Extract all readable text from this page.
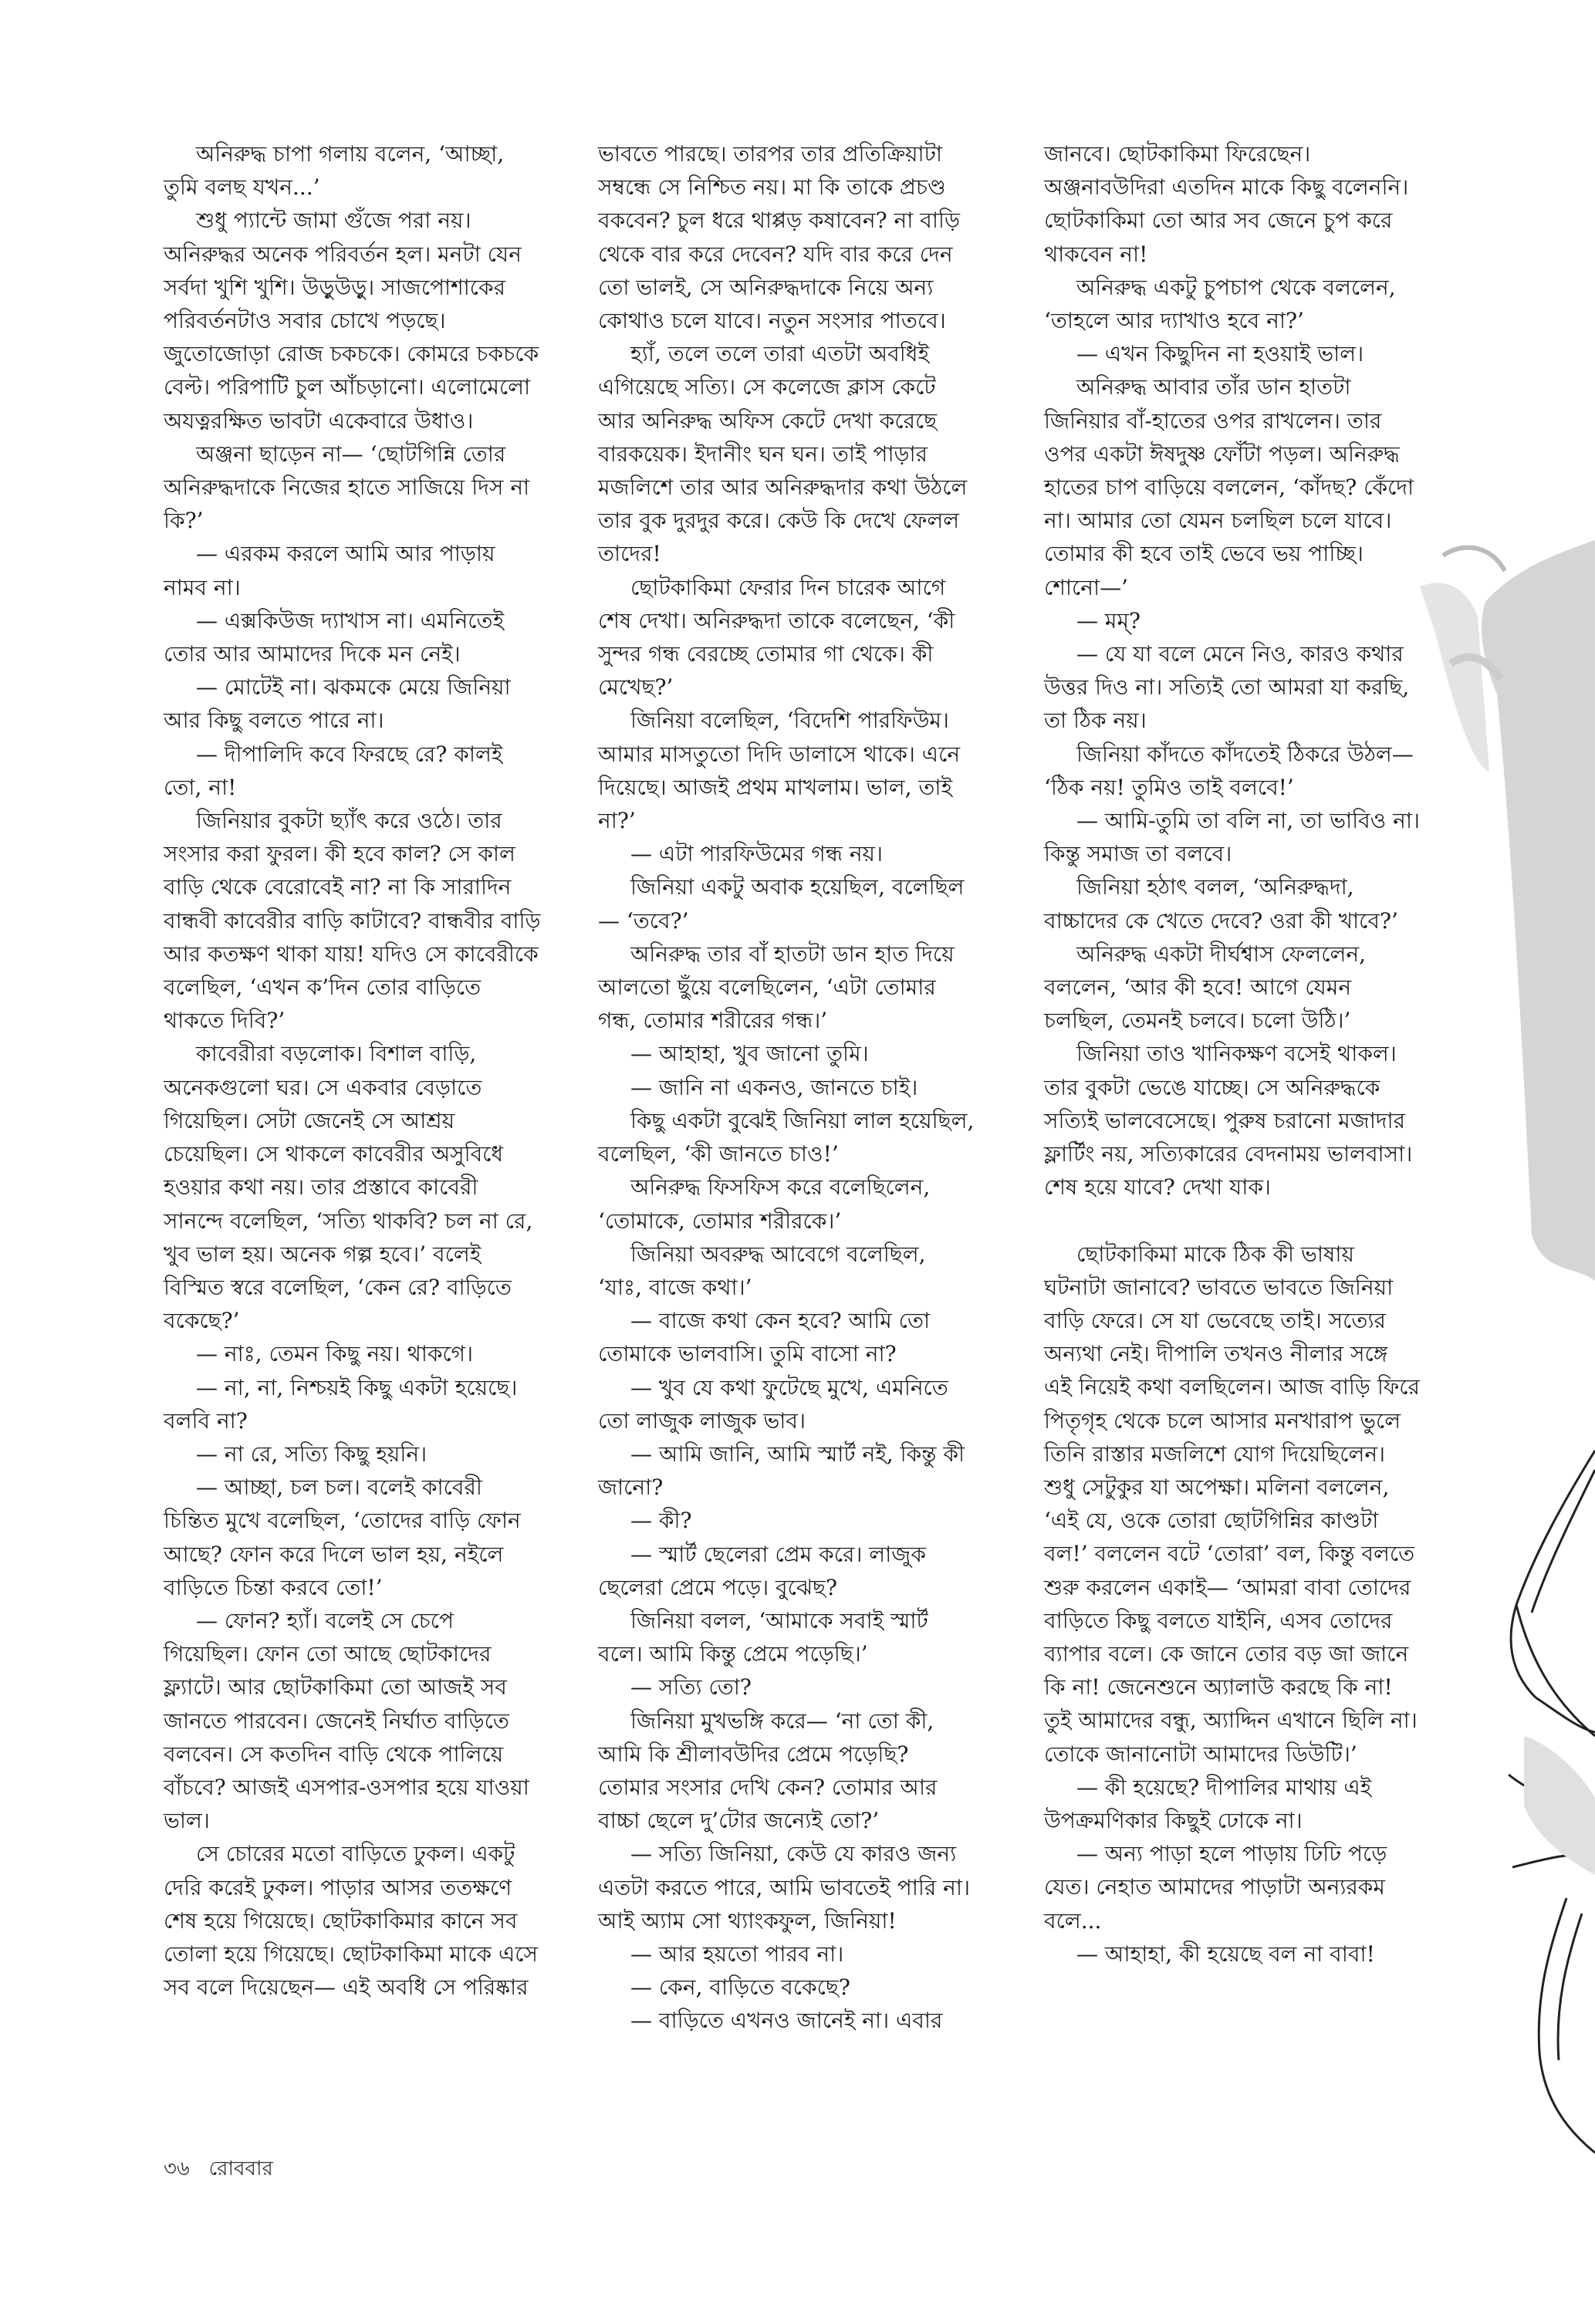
অনিরুদ্ধ চাপা গলায় বলেন, ‘আচ্ছা, তুমি বলছ যখন...’

শুধু প্যান্টে জামা গুঁজে পরা নয়। অনিরুদ্ধর অনেক পরিবর্তন হল। মনটা যেন সর্বদা খুশি খুশি। উড়ুউড়ু। সাজপোশাকের পরিবর্তনটাও সবার চোখে পড়ছে। জুতোজোড়া রোজ চকচকে। কোমরে চকচকে বেল্ট। পরিপাটি চুল আঁচড়ানো। এলোমেলো অযত্নরক্ষিত ভাবটা একেবারে উধাও।

অঞ্জনা ছাড়েন না— ‘ছোটগিন্নি তোর অনিরুদ্ধদাকে নিজের হাতে সাজিয়ে দিস না কি?’

— এরকম করলে আমি আর পাড়ায় নামব না।

— এক্সকিউজ দ্যাখাস না। এমনিতেই তোর আর আমাদের দিকে মন নেই।

— মোটেই না। ঝকমকে মেয়ে জিনিয়া আর কিছু বলতে পারে না।

— দীপালিদি কবে ফিরছে রে? কালই তো, না!

জিনিয়ার বুকটা ছ্যাঁৎ করে ওঠে। তার সংসার করা ফুরল। কী হবে কাল? সে কাল বাড়ি থেকে বেরোবেই না? না কি সারাদিন বান্ধবী কাবেরীর বাড়ি কাটাবে? বান্ধবীর বাড়ি আর কতক্ষণ থাকা যায়! যদিও সে কাবেরীকে বলেছিল, ‘এখন ক’দিন তোর বাড়িতে থাকতে দিবি?’

কাবেরীরা বড়লোক। বিশাল বাড়ি, অনেকগুলো ঘর। সে একবার বেড়াতে গিয়েছিল। সেটা জেনেই সে আশ্রয় চেয়েছিল। সে থাকলে কাবেরীর অসুবিধে হওয়ার কথা নয়। তার প্রস্তাবে কাবেরী সানন্দে বলেছিল, ‘সত্যি থাকবি? চল না রে, খুব ভাল হয়। অনেক গল্প হবে।’ বলেই বিস্মিত স্বরে বলেছিল, ‘কেন রে? বাড়িতে বকেছে?’

— নাঃ, তেমন কিছু নয়। থাকগে।

— না, না, নিশ্চয়ই কিছু একটা হয়েছে। বলবি না?

— না রে, সত্যি কিছু হয়নি।

— আচ্ছা, চল চল। বলেই কাবেরী চিন্তিত মুখে বলেছিল, ‘তোদের বাড়ি ফোন আছে? ফোন করে দিলে ভাল হয়, নইলে বাড়িতে চিন্তা করবে তো!’

— ফোন? হ্যাঁ। বলেই সে চেপে গিয়েছিল। ফোন তো আছে ছোটকাদের ফ্ল্যাটে। আর ছোটকাকিমা তো আজই সব জানতে পারবেন। জেনেই নির্ঘাত বাড়িতে বলবেন। সে কতদিন বাড়ি থেকে পালিয়ে বাঁচবে? আজই এসপার-ওসপার হয়ে যাওয়া ভাল।

সে চোরের মতো বাড়িতে ঢুকল। একটু দেরি করেই ঢুকল। পাড়ার আসর ততক্ষণে শেষ হয়ে গিয়েছে। ছোটকাকিমার কানে সব তোলা হয়ে গিয়েছে। ছোটকাকিমা মাকে এসে সব বলে দিয়েছেন— এই অবধি সে পরিষ্কার

ভাবতে পারছে। তারপর তার প্রতিক্রিয়াটা সম্বন্ধে সে নিশ্চিত নয়। মা কি তাকে প্রচণ্ড বকবেন? চুল ধরে থাপ্পড় কষাবেন? না বাড়ি থেকে বার করে দেবেন? যদি বার করে দেন তো ভালই, সে অনিরুদ্ধদাকে নিয়ে অন্য কোথাও চলে যাবে। নতুন সংসার পাতবে।

হ্যাঁ, তলে তলে তারা এতটা অবধিই এগিয়েছে সত্যি। সে কলেজে ক্লাস কেটে আর অনিরুদ্ধ অফিস কেটে দেখা করেছে বারকয়েক। ইদানীং ঘন ঘন। তাই পাড়ার মজলিশে তার আর অনিরুদ্ধদার কথা উঠলে তার বুক দুরদুর করে। কেউ কি দেখে ফেলল তাদের!

ছোটকাকিমা ফেরার দিন চারেক আগে শেষ দেখা। অনিরুদ্ধদা তাকে বলেছেন, ‘কী সুন্দর গন্ধ বেরচ্ছে তোমার গা থেকে। কী মেখেছ?’

জিনিয়া বলেছিল, ‘বিদেশি পারফিউম। আমার মাসতুতো দিদি ডালাসে থাকে। এনে দিয়েছে। আজই প্রথম মাখলাম। ভাল, তাই না?’

— এটা পারফিউমের গন্ধ নয়।

জিনিয়া একটু অবাক হয়েছিল, বলেছিল— ‘তবে?’

অনিরুদ্ধ তার বাঁ হাতটা ডান হাত দিয়ে আলতো ছুঁয়ে বলেছিলেন, ‘এটা তোমার গন্ধ, তোমার শরীরের গন্ধ।’

— আহাহা, খুব জানো তুমি।

— জানি না একনও, জানতে চাই।

কিছু একটা বুঝেই জিনিয়া লাল হয়েছিল, বলেছিল, ‘কী জানতে চাও!’

অনিরুদ্ধ ফিসফিস করে বলেছিলেন, ‘তোমাকে, তোমার শরীরকে।’

জিনিয়া অবরুদ্ধ আবেগে বলেছিল, ‘যাঃ, বাজে কথা।’

— বাজে কথা কেন হবে? আমি তো তোমাকে ভালবাসি। তুমি বাসো না?

— খুব যে কথা ফুটেছে মুখে, এমনিতে তো লাজুক লাজুক ভাব।

— আমি জানি, আমি স্মার্ট নই, কিন্তু কী জানো?

— কী?

— স্মার্ট ছেলেরা প্রেম করে। লাজুক ছেলেরা প্রেমে পড়ে। বুঝেছ?

জিনিয়া বলল, ‘আমাকে সবাই স্মার্ট বলে। আমি কিন্তু প্রেমে পড়েছি।’

— সত্যি তো?

জিনিয়া মুখভঙ্গি করে— ‘না তো কী, আমি কি শ্রীলাবউদির প্রেমে পড়েছি? তোমার সংসার দেখি কেন? তোমার আর বাচ্চা ছেলে দু’টোর জন্যেই তো?’

— সত্যি জিনিয়া, কেউ যে কারও জন্য এতটা করতে পারে, আমি ভাবতেই পারি না। আই অ্যাম সো থ্যাংকফুল, জিনিয়া!

— আর হয়তো পারব না।

— কেন, বাড়িতে বকেছে?

— বাড়িতে এখনও জানেই না। এবার

জানবে। ছোটকাকিমা ফিরেছেন। অঞ্জনাবউদিরা এতদিন মাকে কিছু বলেননি। ছোটকাকিমা তো আর সব জেনে চুপ করে থাকবেন না!

অনিরুদ্ধ একটু চুপচাপ থেকে বললেন, ‘তাহলে আর দ্যাখাও হবে না?’

— এখন কিছুদিন না হওয়াই ভাল।

অনিরুদ্ধ আবার তাঁর ডান হাতটা জিনিয়ার বাঁ-হাতের ওপর রাখলেন। তার ওপর একটা ঈষদুষ্ণ ফোঁটা পড়ল। অনিরুদ্ধ হাতের চাপ বাড়িয়ে বললেন, ‘কাঁদছ? কেঁদো না। আমার তো যেমন চলছিল চলে যাবে। তোমার কী হবে তাই ভেবে ভয় পাচ্ছি। শোনো—’

— মম্?

— যে যা বলে মেনে নিও, কারও কথার উত্তর দিও না। সত্যিই তো আমরা যা করছি, তা ঠিক নয়।

জিনিয়া কাঁদতে কাঁদতেই ঠিকরে উঠল— ‘ঠিক নয়! তুমিও তাই বলবে!’

— আমি-তুমি তা বলি না, তা ভাবিও না। কিন্তু সমাজ তা বলবে।

জিনিয়া হঠাৎ বলল, ‘অনিরুদ্ধদা, বাচ্চাদের কে খেতে দেবে? ওরা কী খাবে?’

অনিরুদ্ধ একটা দীর্ঘশ্বাস ফেললেন, বললেন, ‘আর কী হবে! আগে যেমন চলছিল, তেমনই চলবে। চলো উঠি।’

জিনিয়া তাও খানিকক্ষণ বসেই থাকল। তার বুকটা ভেঙে যাচ্ছে। সে অনিরুদ্ধকে সত্যিই ভালবেসেছে। পুরুষ চরানো মজাদার ফ্লার্টিং নয়, সত্যিকারের বেদনাময় ভালবাসা। শেষ হয়ে যাবে? দেখা যাক।

ছোটকাকিমা মাকে ঠিক কী ভাষায় ঘটনাটা জানাবে? ভাবতে ভাবতে জিনিয়া বাড়ি ফেরে। সে যা ভেবেছে তাই। সত্যের অন্যথা নেই। দীপালি তখনও নীলার সঙ্গে এই নিয়েই কথা বলছিলেন। আজ বাড়ি ফিরে পিতৃগৃহ থেকে চলে আসার মনখারাপ ভুলে তিনি রাস্তার মজলিশে যোগ দিয়েছিলেন। শুধু সেটুকুর যা অপেক্ষা। মলিনা বললেন, ‘এই যে, ওকে তোরা ছোটগিন্নির কাণ্ডটা বল!’ বললেন বটে ‘তোরা’ বল, কিন্তু বলতে শুরু করলেন একাই— ‘আমরা বাবা তোদের বাড়িতে কিছু বলতে যাইনি, এসব তোদের ব্যাপার বলে। কে জানে তোর বড় জা জানে কি না! জেনেশুনে অ্যালাউ করছে কি না! তুই আমাদের বন্ধু, অ্যাদ্দিন এখানে ছিলি না। তোকে জানানোটা আমাদের ডিউটি।’

— কী হয়েছে? দীপালির মাথায় এই উপক্রমণিকার কিছুই ঢোকে না।

— অন্য পাড়া হলে পাড়ায় ঢিঢি পড়ে যেত। নেহাত আমাদের পাড়াটা অন্যরকম বলে...

— আহাহা, কী হয়েছে বল না বাবা!

৩৬ রোববার
